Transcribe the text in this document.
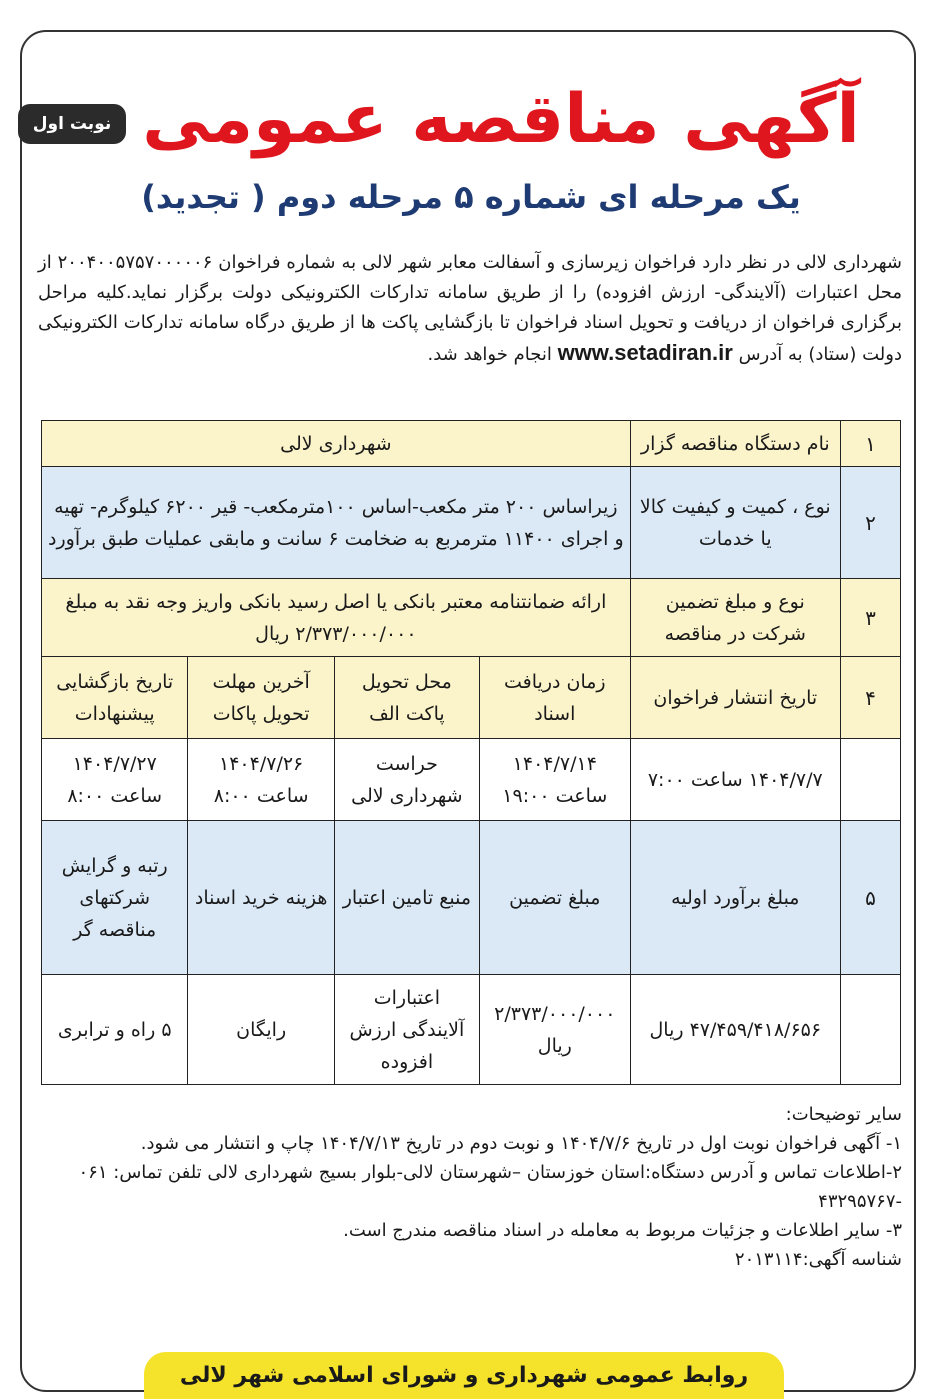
نوبت اول آگهی مناقصه عمومی
یک مرحله ای شماره ۵ مرحله دوم ( تجدید)
شهرداری لالی در نظر دارد فراخوان زیرسازی و آسفالت معابر شهر لالی به شماره فراخوان ۲۰۰۴۰۰۵۷۵۷۰۰۰۰۰۶ از محل اعتبارات (آلایندگی- ارزش افزوده) را از طریق سامانه تدارکات الکترونیکی دولت برگزار نماید.کلیه مراحل برگزاری فراخوان از دریافت و تحویل اسناد فراخوان تا بازگشایی پاکت ها از طریق درگاه سامانه تدارکات الکترونیکی دولت (ستاد) به آدرس www.setadiran.ir انجام خواهد شد.
۱	نام دستگاه مناقصه گزار	شهرداری لالی			
۲	نوع ، کمیت و کیفیت کالا یا خدمات	زیراساس ۲۰۰ متر مکعب-اساس ۱۰۰مترمکعب- قیر ۶۲۰۰ کیلوگرم- تهیه و اجرای ۱۱۴۰۰ مترمربع به ضخامت ۶ سانت و مابقی عملیات طبق برآورد			
۳	نوع و مبلغ تضمین شرکت در مناقصه	ارائه ضمانتنامه معتبر بانکی یا اصل رسید بانکی واریز وجه نقد به مبلغ ۲/۳۷۳/۰۰۰/۰۰۰ ریال			
۴	تاریخ انتشار فراخوان	زمان دریافت اسناد	محل تحویل پاکت الف	آخرین مهلت تحویل پاکات	تاریخ بازگشایی پیشنهادات
	۱۴۰۴/۷/۷ ساعت ۷:۰۰	۱۴۰۴/۷/۱۴ ساعت ۱۹:۰۰	حراست شهرداری لالی	۱۴۰۴/۷/۲۶ ساعت ۸:۰۰	۱۴۰۴/۷/۲۷ ساعت ۸:۰۰
۵	مبلغ برآورد اولیه	مبلغ تضمین	منبع تامین اعتبار	هزینه خرید اسناد	رتبه و گرایش شرکتهای مناقصه گر
	۴۷/۴۵۹/۴۱۸/۶۵۶ ریال	۲/۳۷۳/۰۰۰/۰۰۰ ریال	اعتبارات آلایندگی ارزش افزوده	رایگان	۵ راه و ترابری
سایر توضیحات:
۱- آگهی فراخوان نوبت اول در تاریخ ۱۴۰۴/۷/۶ و نوبت دوم در تاریخ ۱۴۰۴/۷/۱۳ چاپ و انتشار می شود.
۲-اطلاعات تماس و آدرس دستگاه:استان خوزستان –شهرستان لالی-بلوار بسیج شهرداری لالی تلفن تماس: ۰۶۱ -۴۳۲۹۵۷۶۷
۳- سایر اطلاعات و جزئیات مربوط به معامله در اسناد مناقصه مندرج است.
شناسه آگهی:۲۰۱۳۱۱۴
روابط عمومی شهرداری و شورای اسلامی شهر لالی
